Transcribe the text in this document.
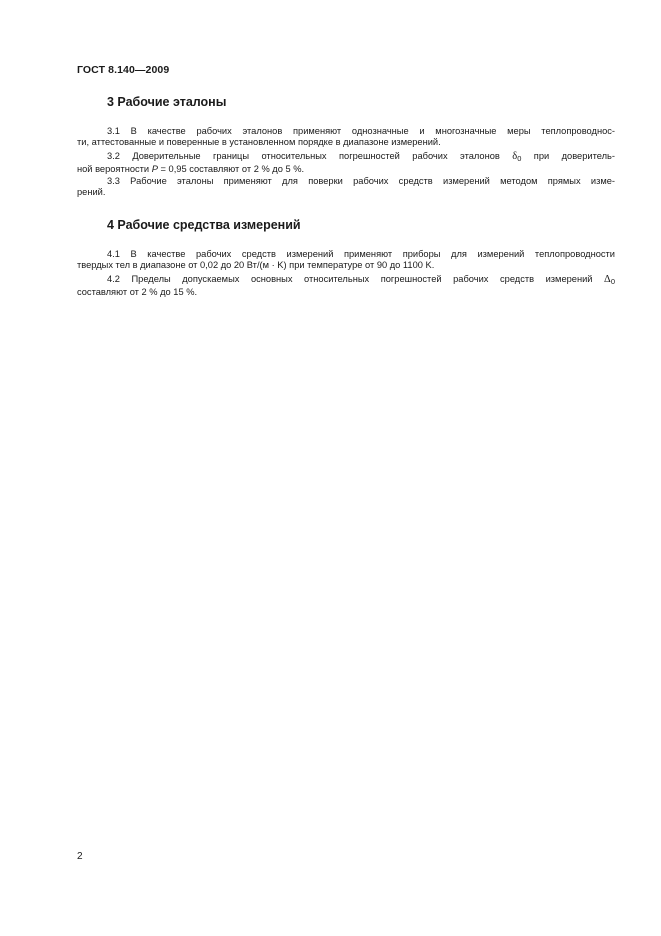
ГОСТ 8.140—2009
3 Рабочие эталоны
3.1 В качестве рабочих эталонов применяют однозначные и многозначные меры теплопроводнос-
ти, аттестованные и поверенные в установленном порядке в диапазоне измерений.
3.2 Доверительные границы относительных погрешностей рабочих эталонов $\delta_0$ при доверитель-
ной вероятности P = 0,95 составляют от 2 % до 5 %.
3.3 Рабочие эталоны применяют для поверки рабочих средств измерений методом прямых изме-
рений.
4 Рабочие средства измерений
4.1 В качестве рабочих средств измерений применяют приборы для измерений теплопроводности
твердых тел в диапазоне от 0,02 до 20 Вт/(м · K) при температуре от 90 до 1100 K.
4.2 Пределы допускаемых основных относительных погрешностей рабочих средств измерений $\Delta_0$
составляют от 2 % до 15 %.
2
